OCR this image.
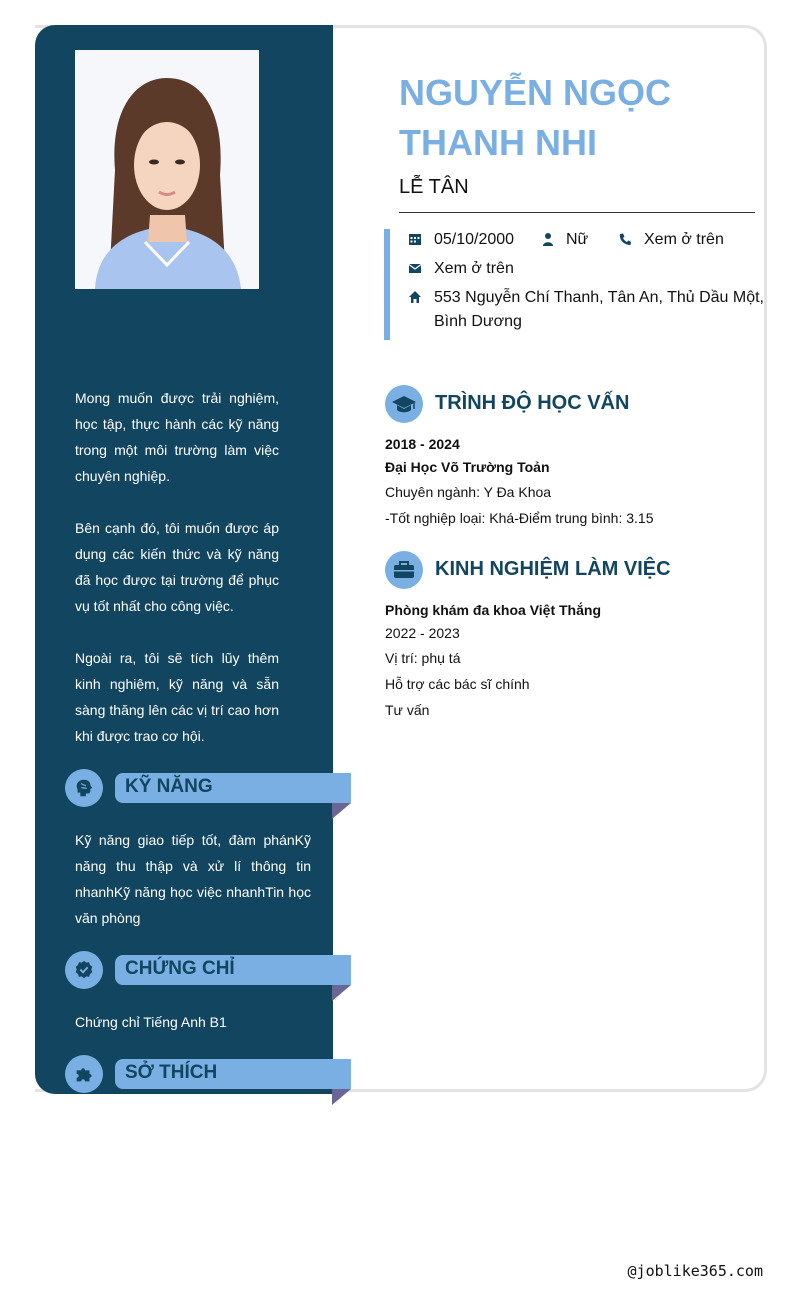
Mong muốn được trải nghiệm, học tập, thực hành các kỹ năng trong một môi trường làm việc chuyên nghiệp.

Bên cạnh đó, tôi muốn được áp dụng các kiến thức và kỹ năng đã học được tại trường để phục vụ tốt nhất cho công việc.

Ngoài ra, tôi sẽ tích lũy thêm kinh nghiệm, kỹ năng và sẵn sàng thăng lên các vị trí cao hơn khi được trao cơ hội.

KỸ NĂNG
Kỹ năng giao tiếp tốt, đàm phánKỹ năng thu thập và xử lí thông tin nhanhKỹ năng học việc nhanhTin học văn phòng
CHỨNG CHỈ
Chứng chỉ Tiếng Anh B1
SỞ THÍCH
NGUYỄN NGỌC
THANH NHI
LỄ TÂN
05/10/2000	Nữ	Xem ở trên
Xem ở trên
553 Nguyễn Chí Thanh, Tân An, Thủ Dầu Một,
Bình Dương
TRÌNH ĐỘ HỌC VẤN
2018 - 2024
Đại Học Võ Trường Toản
Chuyên ngành: Y Đa Khoa
-Tốt nghiệp loại: Khá-Điểm trung bình: 3.15
KINH NGHIỆM LÀM VIỆC
Phòng khám đa khoa Việt Thắng
2022 - 2023
Vị trí: phụ tá
Hỗ trợ các bác sĩ chính
Tư vấn
@joblike365.com
